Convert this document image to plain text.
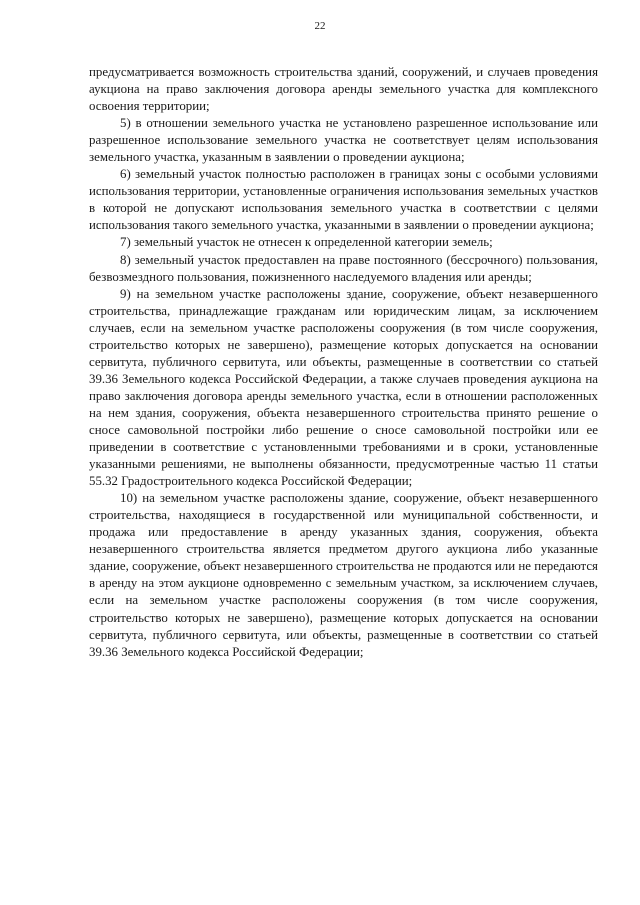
22

предусматривается возможность строительства зданий, сооружений, и случаев проведения аукциона на право заключения договора аренды земельного участка для комплексного освоения территории;

5) в отношении земельного участка не установлено разрешенное использование или разрешенное использование земельного участка не соответствует целям использования земельного участка, указанным в заявлении о проведении аукциона;

6) земельный участок полностью расположен в границах зоны с особыми условиями использования территории, установленные ограничения использования земельных участков в которой не допускают использования земельного участка в соответствии с целями использования такого земельного участка, указанными в заявлении о проведении аукциона;

7) земельный участок не отнесен к определенной категории земель;

8) земельный участок предоставлен на праве постоянного (бессрочного) пользования, безвозмездного пользования, пожизненного наследуемого владения или аренды;

9) на земельном участке расположены здание, сооружение, объект незавершенного строительства, принадлежащие гражданам или юридическим лицам, за исключением случаев, если на земельном участке расположены сооружения (в том числе сооружения, строительство которых не завершено), размещение которых допускается на основании сервитута, публичного сервитута, или объекты, размещенные в соответствии со статьей 39.36 Земельного кодекса Российской Федерации, а также случаев проведения аукциона на право заключения договора аренды земельного участка, если в отношении расположенных на нем здания, сооружения, объекта незавершенного строительства принято решение о сносе самовольной постройки либо решение о сносе самовольной постройки или ее приведении в соответствие с установленными требованиями и в сроки, установленные указанными решениями, не выполнены обязанности, предусмотренные частью 11 статьи 55.32 Градостроительного кодекса Российской Федерации;

10) на земельном участке расположены здание, сооружение, объект незавершенного строительства, находящиеся в государственной или муниципальной собственности, и продажа или предоставление в аренду указанных здания, сооружения, объекта незавершенного строительства является предметом другого аукциона либо указанные здание, сооружение, объект незавершенного строительства не продаются или не передаются в аренду на этом аукционе одновременно с земельным участком, за исключением случаев, если на земельном участке расположены сооружения (в том числе сооружения, строительство которых не завершено), размещение которых допускается на основании сервитута, публичного сервитута, или объекты, размещенные в соответствии со статьей 39.36 Земельного кодекса Российской Федерации;
